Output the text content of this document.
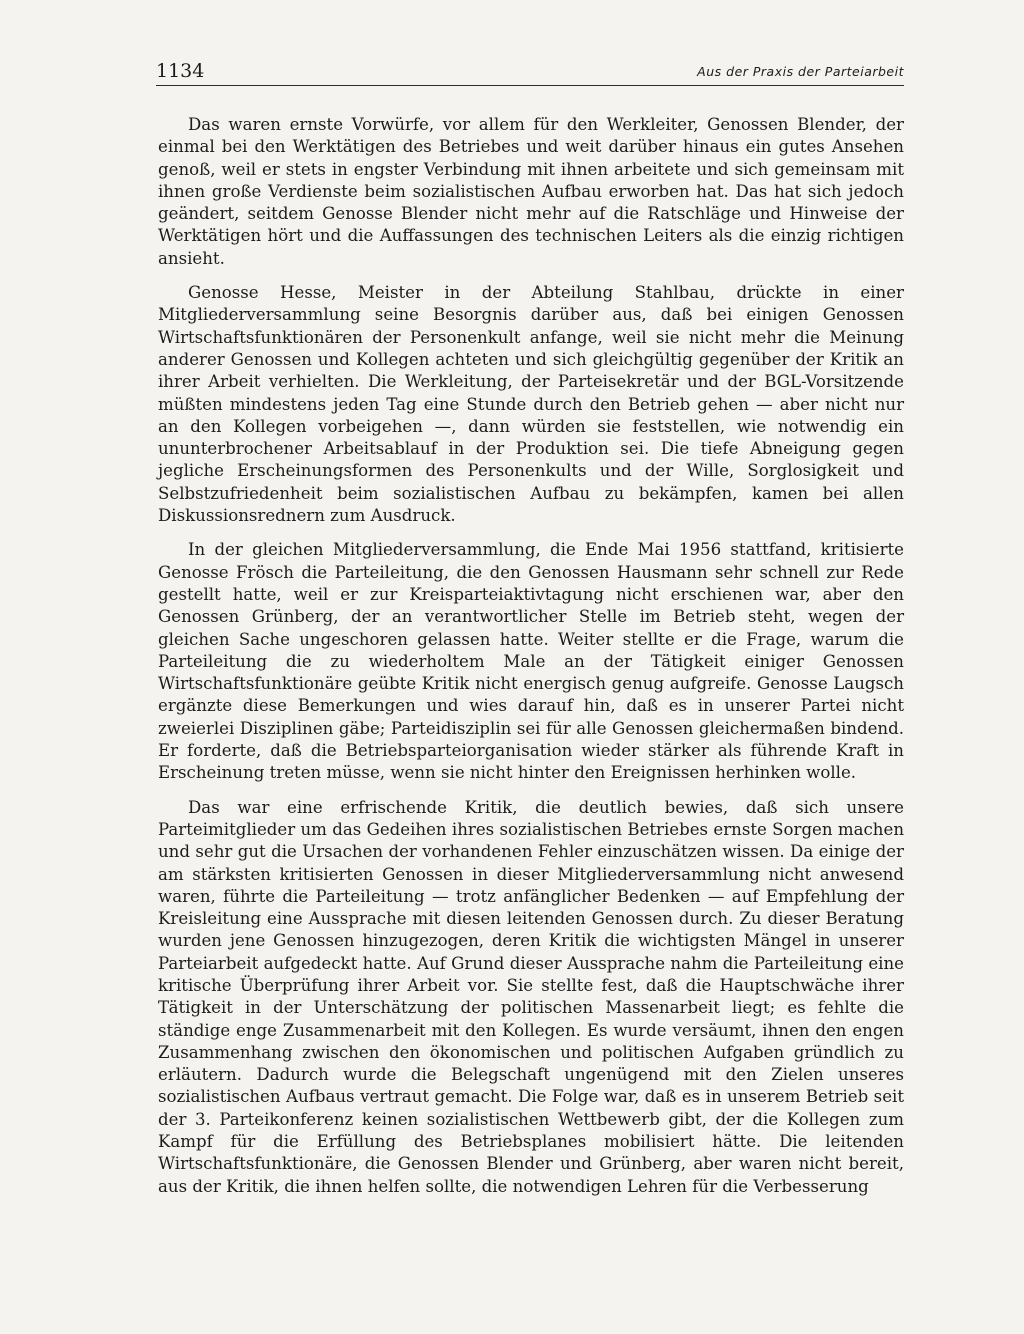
1134	Aus der Praxis der Parteiarbeit

Das waren ernste Vorwürfe, vor allem für den Werkleiter, Genossen Blender, der einmal bei den Werktätigen des Betriebes und weit darüber hinaus ein gutes Ansehen genoß, weil er stets in engster Verbindung mit ihnen arbeitete und sich gemeinsam mit ihnen große Verdienste beim sozialistischen Aufbau erworben hat. Das hat sich jedoch geändert, seitdem Genosse Blender nicht mehr auf die Ratschläge und Hinweise der Werktätigen hört und die Auffassungen des technischen Leiters als die einzig richtigen ansieht.

Genosse Hesse, Meister in der Abteilung Stahlbau, drückte in einer Mitgliederversammlung seine Besorgnis darüber aus, daß bei einigen Genossen Wirtschaftsfunktionären der Personenkult anfange, weil sie nicht mehr die Meinung anderer Genossen und Kollegen achteten und sich gleichgültig gegenüber der Kritik an ihrer Arbeit verhielten. Die Werkleitung, der Parteisekretär und der BGL-Vorsitzende müßten mindestens jeden Tag eine Stunde durch den Betrieb gehen — aber nicht nur an den Kollegen vorbeigehen —, dann würden sie feststellen, wie notwendig ein ununterbrochener Arbeitsablauf in der Produktion sei. Die tiefe Abneigung gegen jegliche Erscheinungsformen des Personenkults und der Wille, Sorglosigkeit und Selbstzufriedenheit beim sozialistischen Aufbau zu bekämpfen, kamen bei allen Diskussionsrednern zum Ausdruck.

In der gleichen Mitgliederversammlung, die Ende Mai 1956 stattfand, kritisierte Genosse Frösch die Parteileitung, die den Genossen Hausmann sehr schnell zur Rede gestellt hatte, weil er zur Kreisparteiaktivtagung nicht erschienen war, aber den Genossen Grünberg, der an verantwortlicher Stelle im Betrieb steht, wegen der gleichen Sache ungeschoren gelassen hatte. Weiter stellte er die Frage, warum die Parteileitung die zu wiederholtem Male an der Tätigkeit einiger Genossen Wirtschaftsfunktionäre geübte Kritik nicht energisch genug aufgreife. Genosse Laugsch ergänzte diese Bemerkungen und wies darauf hin, daß es in unserer Partei nicht zweierlei Disziplinen gäbe; Parteidisziplin sei für alle Genossen gleichermaßen bindend. Er forderte, daß die Betriebsparteiorganisation wieder stärker als führende Kraft in Erscheinung treten müsse, wenn sie nicht hinter den Ereignissen herhinken wolle.

Das war eine erfrischende Kritik, die deutlich bewies, daß sich unsere Parteimitglieder um das Gedeihen ihres sozialistischen Betriebes ernste Sorgen machen und sehr gut die Ursachen der vorhandenen Fehler einzuschätzen wissen. Da einige der am stärksten kritisierten Genossen in dieser Mitgliederversammlung nicht anwesend waren, führte die Parteileitung — trotz anfänglicher Bedenken — auf Empfehlung der Kreisleitung eine Aussprache mit diesen leitenden Genossen durch. Zu dieser Beratung wurden jene Genossen hinzugezogen, deren Kritik die wichtigsten Mängel in unserer Parteiarbeit aufgedeckt hatte. Auf Grund dieser Aussprache nahm die Parteileitung eine kritische Überprüfung ihrer Arbeit vor. Sie stellte fest, daß die Hauptschwäche ihrer Tätigkeit in der Unterschätzung der politischen Massenarbeit liegt; es fehlte die ständige enge Zusammenarbeit mit den Kollegen. Es wurde versäumt, ihnen den engen Zusammenhang zwischen den ökonomischen und politischen Aufgaben gründlich zu erläutern. Dadurch wurde die Belegschaft ungenügend mit den Zielen unseres sozialistischen Aufbaus vertraut gemacht. Die Folge war, daß es in unserem Betrieb seit der 3. Parteikonferenz keinen sozialistischen Wettbewerb gibt, der die Kollegen zum Kampf für die Erfüllung des Betriebsplanes mobilisiert hätte. Die leitenden Wirtschaftsfunktionäre, die Genossen Blender und Grünberg, aber waren nicht bereit, aus der Kritik, die ihnen helfen sollte, die notwendigen Lehren für die Verbesserung
